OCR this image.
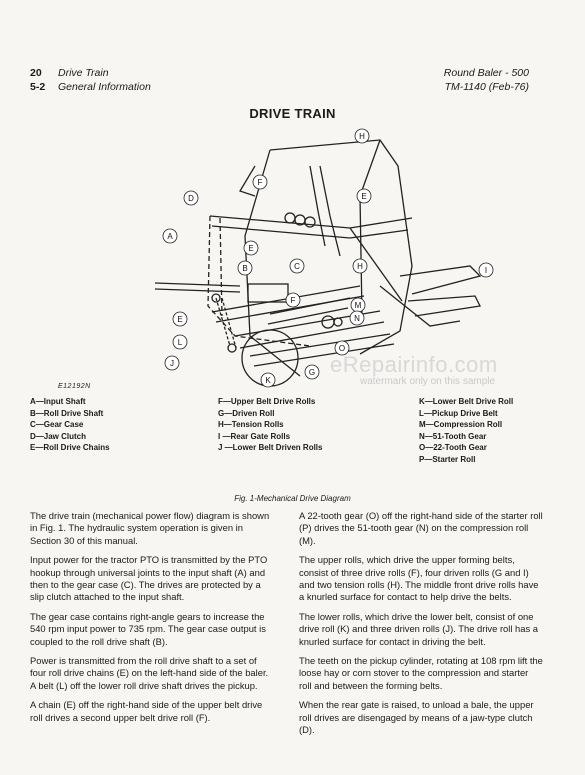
20 Drive Train
5-2 General Information
Round Baler - 500
TM-1140 (Feb-76)
DRIVE TRAIN
H
F
D	E
A
E
H
C
B	I
F
M
E	N
L
O
J
K
G
E12192N
eRepairinfo.com
watermark only on this sample
A—Input Shaft
B—Roll Drive Shaft
C—Gear Case
D—Jaw Clutch
E—Roll Drive Chains
F—Upper Belt Drive Rolls
G—Driven Roll
H—Tension Rolls
I —Rear Gate Rolls
J —Lower Belt Driven Rolls
K—Lower Belt Drive Roll
L—Pickup Drive Belt
M—Compression Roll
N—51-Tooth Gear
O—22-Tooth Gear
P—Starter Roll
Fig. 1-Mechanical Drive Diagram

The drive train (mechanical power flow) diagram is shown in Fig. 1. The hydraulic system operation is given in Section 30 of this manual.

Input power for the tractor PTO is transmitted by the PTO hookup through universal joints to the input shaft (A) and then to the gear case (C). The drives are protected by a slip clutch attached to the input shaft.

The gear case contains right-angle gears to increase the 540 rpm input power to 735 rpm. The gear case output is coupled to the roll drive shaft (B).

Power is transmitted from the roll drive shaft to a set of four roll drive chains (E) on the left-hand side of the baler. A belt (L) off the lower roll drive shaft drives the pickup.

A chain (E) off the right-hand side of the upper belt drive roll drives a second upper belt drive roll (F).

A 22-tooth gear (O) off the right-hand side of the starter roll (P) drives the 51-tooth gear (N) on the compression roll (M).

The upper rolls, which drive the upper forming belts, consist of three drive rolls (F), four driven rolls (G and I) and two tension rolls (H). The middle front drive rolls have a knurled surface for contact to help drive the belts.

The lower rolls, which drive the lower belt, consist of one drive roll (K) and three driven rolls (J). The drive roll has a knurled surface for contact in driving the belt.

The teeth on the pickup cylinder, rotating at 108 rpm lift the loose hay or corn stover to the compression and starter roll and between the forming belts.

When the rear gate is raised, to unload a bale, the upper roll drives are disengaged by means of a jaw-type clutch (D).
